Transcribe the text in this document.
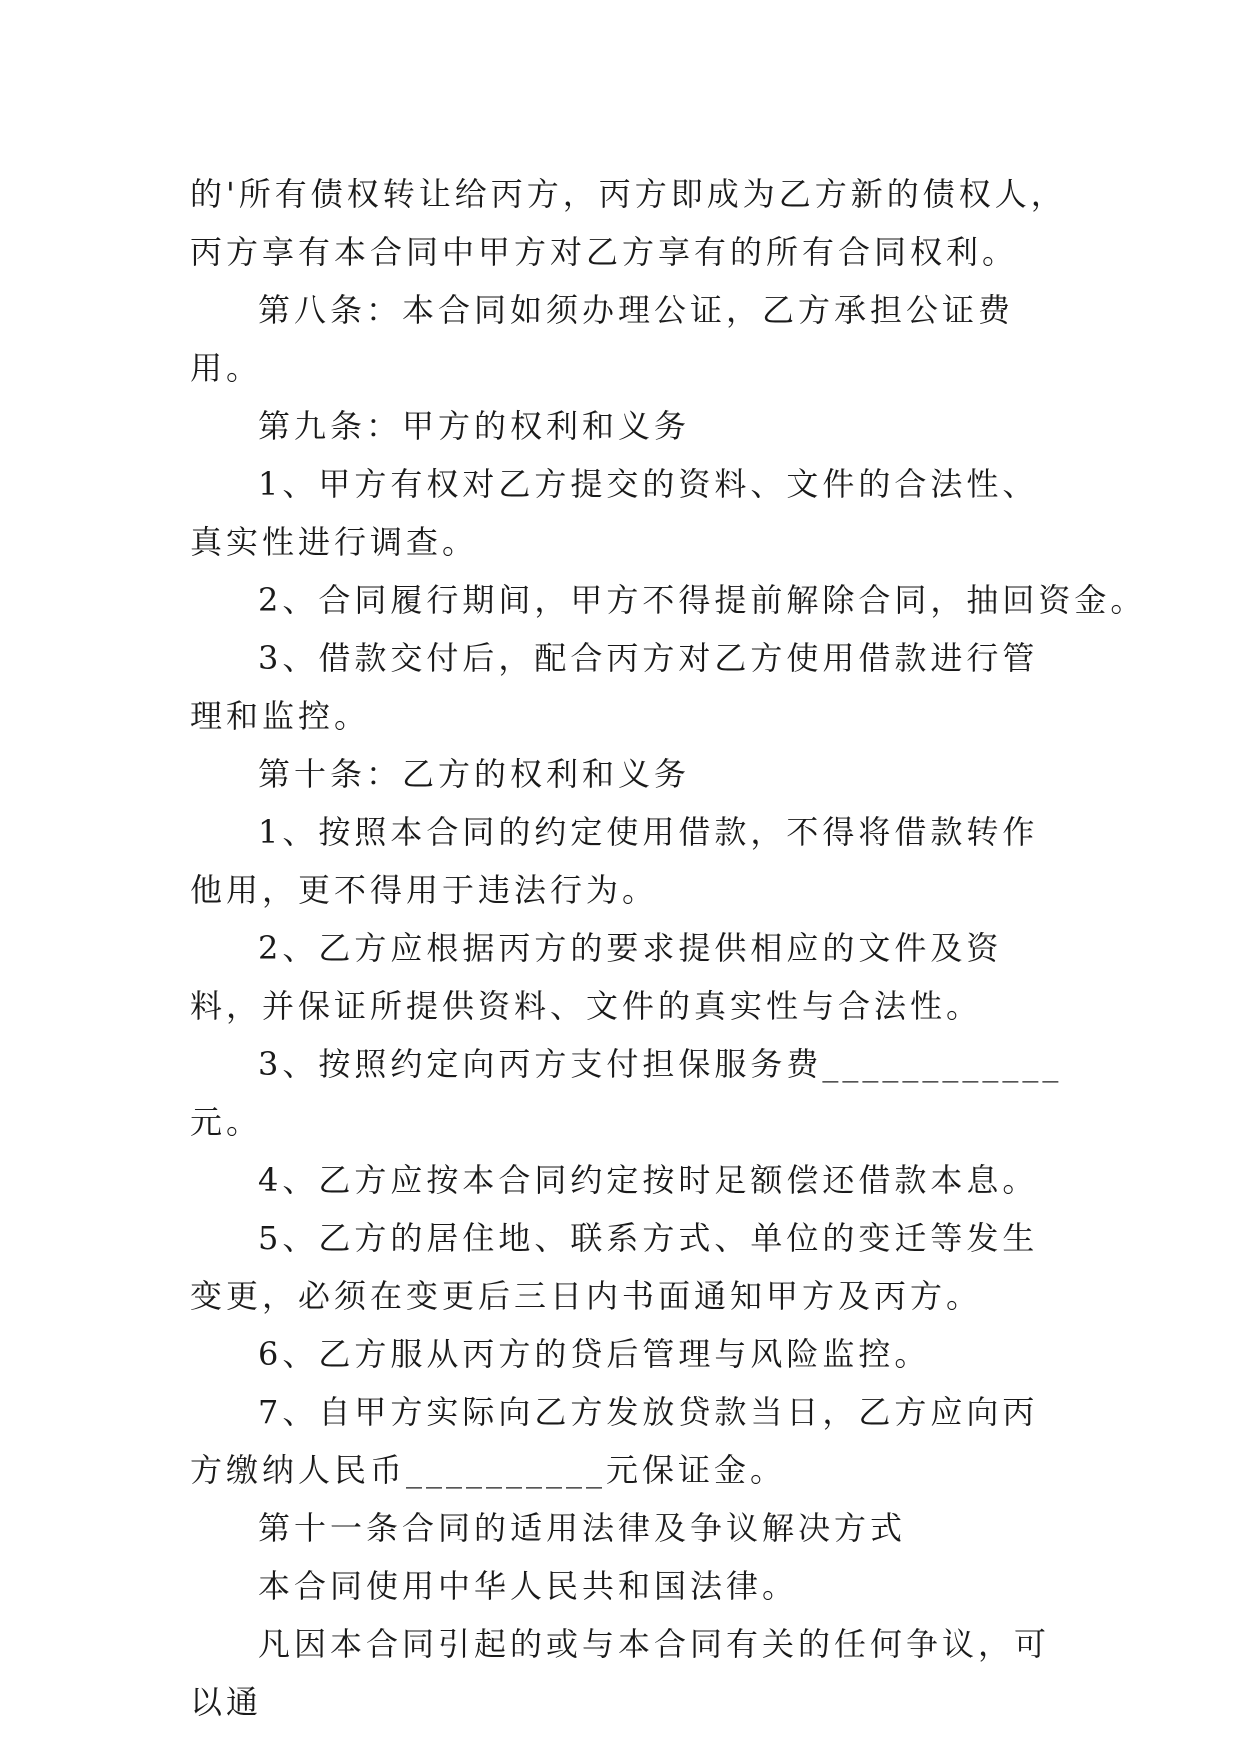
的'所有债权转让给丙方，丙方即成为乙方新的债权人，丙方享有本合同中甲方对乙方享有的所有合同权利。

第八条：本合同如须办理公证，乙方承担公证费用。

第九条：甲方的权利和义务

1、甲方有权对乙方提交的资料、文件的合法性、真实性进行调查。

2、合同履行期间，甲方不得提前解除合同，抽回资金。

3、借款交付后，配合丙方对乙方使用借款进行管理和监控。

第十条：乙方的权利和义务

1、按照本合同的约定使用借款，不得将借款转作他用，更不得用于违法行为。

2、乙方应根据丙方的要求提供相应的文件及资料，并保证所提供资料、文件的真实性与合法性。

3、按照约定向丙方支付担保服务费____________元。

4、乙方应按本合同约定按时足额偿还借款本息。

5、乙方的居住地、联系方式、单位的变迁等发生变更，必须在变更后三日内书面通知甲方及丙方。

6、乙方服从丙方的贷后管理与风险监控。

7、自甲方实际向乙方发放贷款当日，乙方应向丙方缴纳人民币__________元保证金。

第十一条合同的适用法律及争议解决方式

本合同使用中华人民共和国法律。

凡因本合同引起的或与本合同有关的任何争议，可以通
